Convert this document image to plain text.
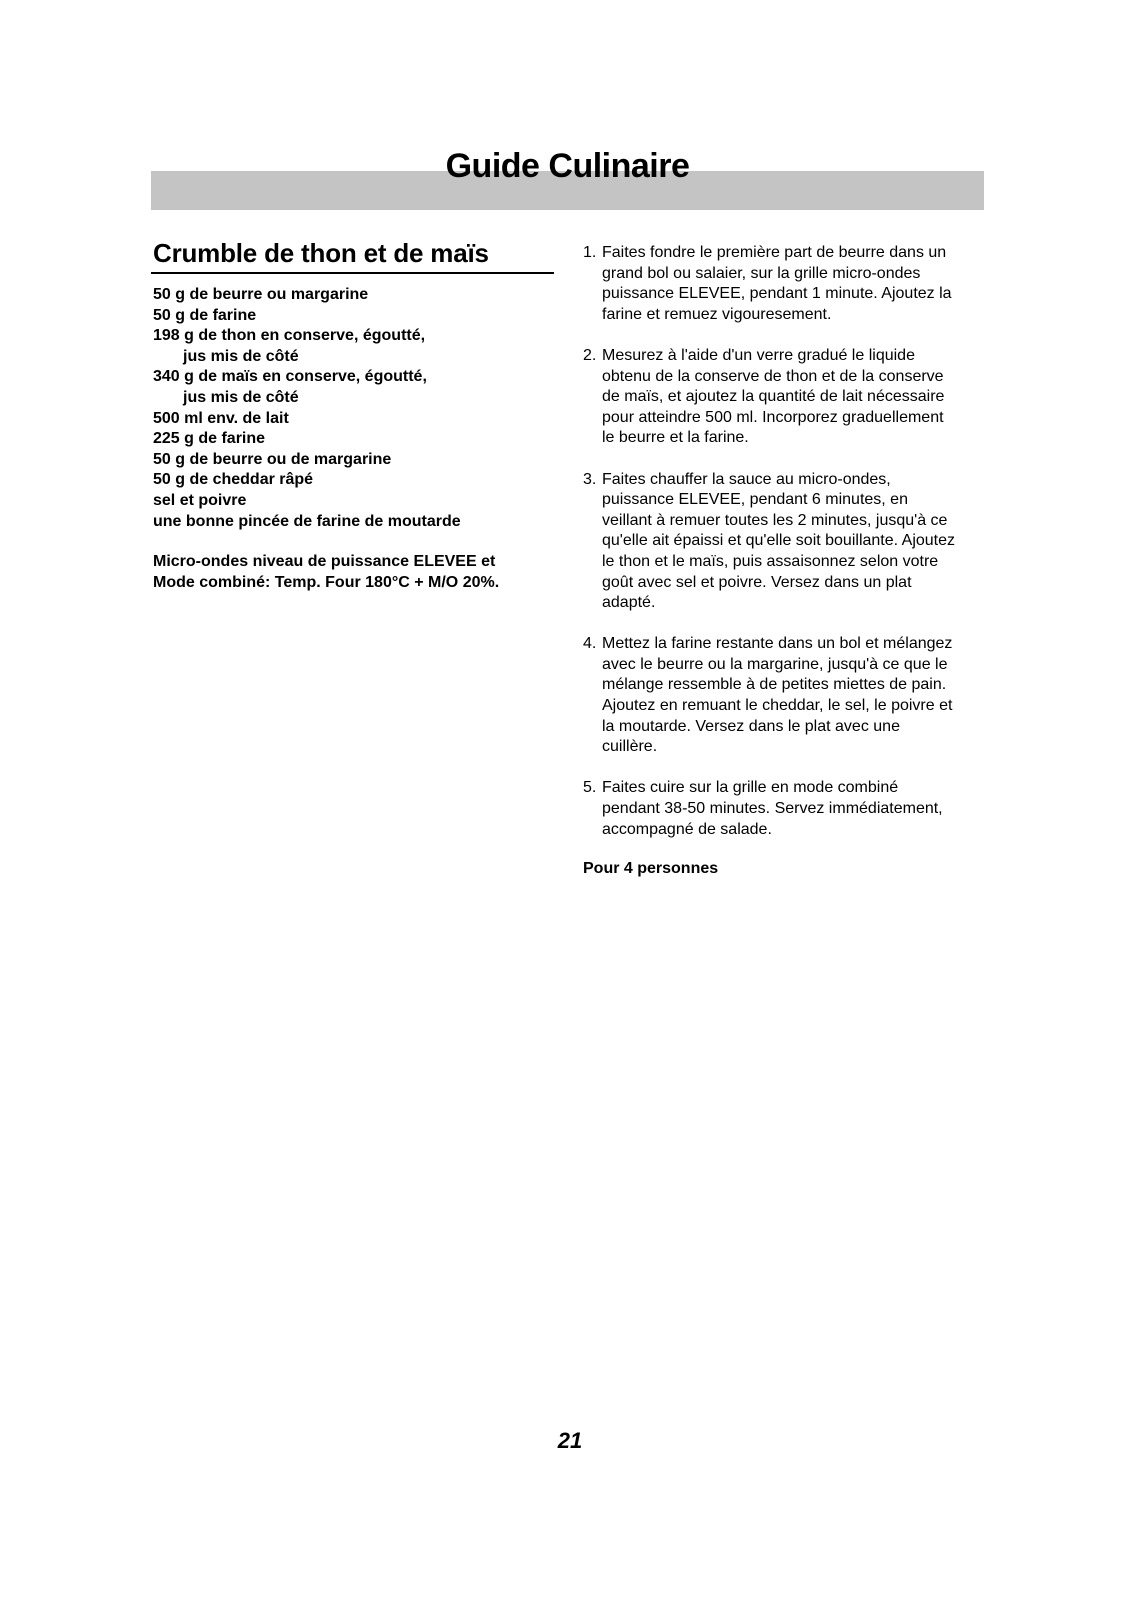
Guide Culinaire
Crumble de thon et de maïs
50 g de beurre ou margarine
50 g de farine
198 g de thon en conserve, égoutté,
jus mis de côté
340 g de maïs en conserve, égoutté,
jus mis de côté
500 ml env. de lait
225 g de farine
50 g de beurre ou de margarine
50 g de cheddar râpé
sel et poivre
une bonne pincée de farine de moutarde
Micro-ondes niveau de puissance ELEVEE et
Mode combiné: Temp. Four 180°C + M/O 20%.
1. Faites fondre le première part de beurre dans un
grand bol ou salaier, sur la grille micro-ondes
puissance ELEVEE, pendant 1 minute. Ajoutez la
farine et remuez vigouresement.
2. Mesurez à l'aide d'un verre gradué le liquide
obtenu de la conserve de thon et de la conserve
de maïs, et ajoutez la quantité de lait nécessaire
pour atteindre 500 ml. Incorporez graduellement
le beurre et la farine.
3. Faites chauffer la sauce au micro-ondes,
puissance ELEVEE, pendant 6 minutes, en
veillant à remuer toutes les 2 minutes, jusqu'à ce
qu'elle ait épaissi et qu'elle soit bouillante. Ajoutez
le thon et le maïs, puis assaisonnez selon votre
goût avec sel et poivre. Versez dans un plat
adapté.
4. Mettez la farine restante dans un bol et mélangez
avec le beurre ou la margarine, jusqu'à ce que le
mélange ressemble à de petites miettes de pain.
Ajoutez en remuant le cheddar, le sel, le poivre et
la moutarde. Versez dans le plat avec une
cuillère.
5. Faites cuire sur la grille en mode combiné
pendant 38-50 minutes. Servez immédiatement,
accompagné de salade.
Pour 4 personnes
21
